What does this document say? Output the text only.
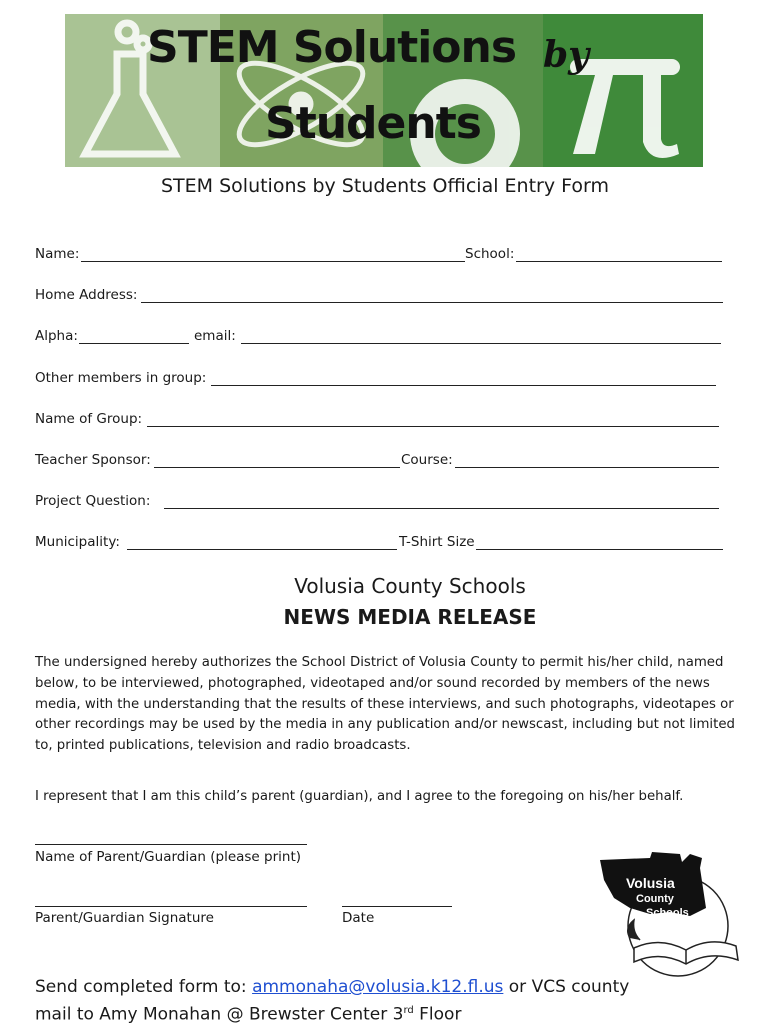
STEM Solutions by
Students
STEM Solutions by Students Official Entry Form
Name:	School:
Home Address:
Alpha:	email:
Other members in group:
Name of Group:
Teacher Sponsor:	Course:
Project Question:
Municipality:	T-Shirt Size
Volusia County Schools
NEWS MEDIA RELEASE
The undersigned hereby authorizes the School District of Volusia County to permit his/her child, named below, to be interviewed, photographed, videotaped and/or sound recorded by members of the news media, with the understanding that the results of these interviews, and such photographs, videotapes or other recordings may be used by the media in any publication and/or newscast, including but not limited to, printed publications, television and radio broadcasts.
I represent that I am this child’s parent (guardian), and I agree to the foregoing on his/her behalf.
Name of Parent/Guardian (please print)
Parent/Guardian Signature	Date
Volusia
County
Schools
Send completed form to: ammonaha@volusia.k12.fl.us or VCS county
mail to Amy Monahan @ Brewster Center 3rd Floor
